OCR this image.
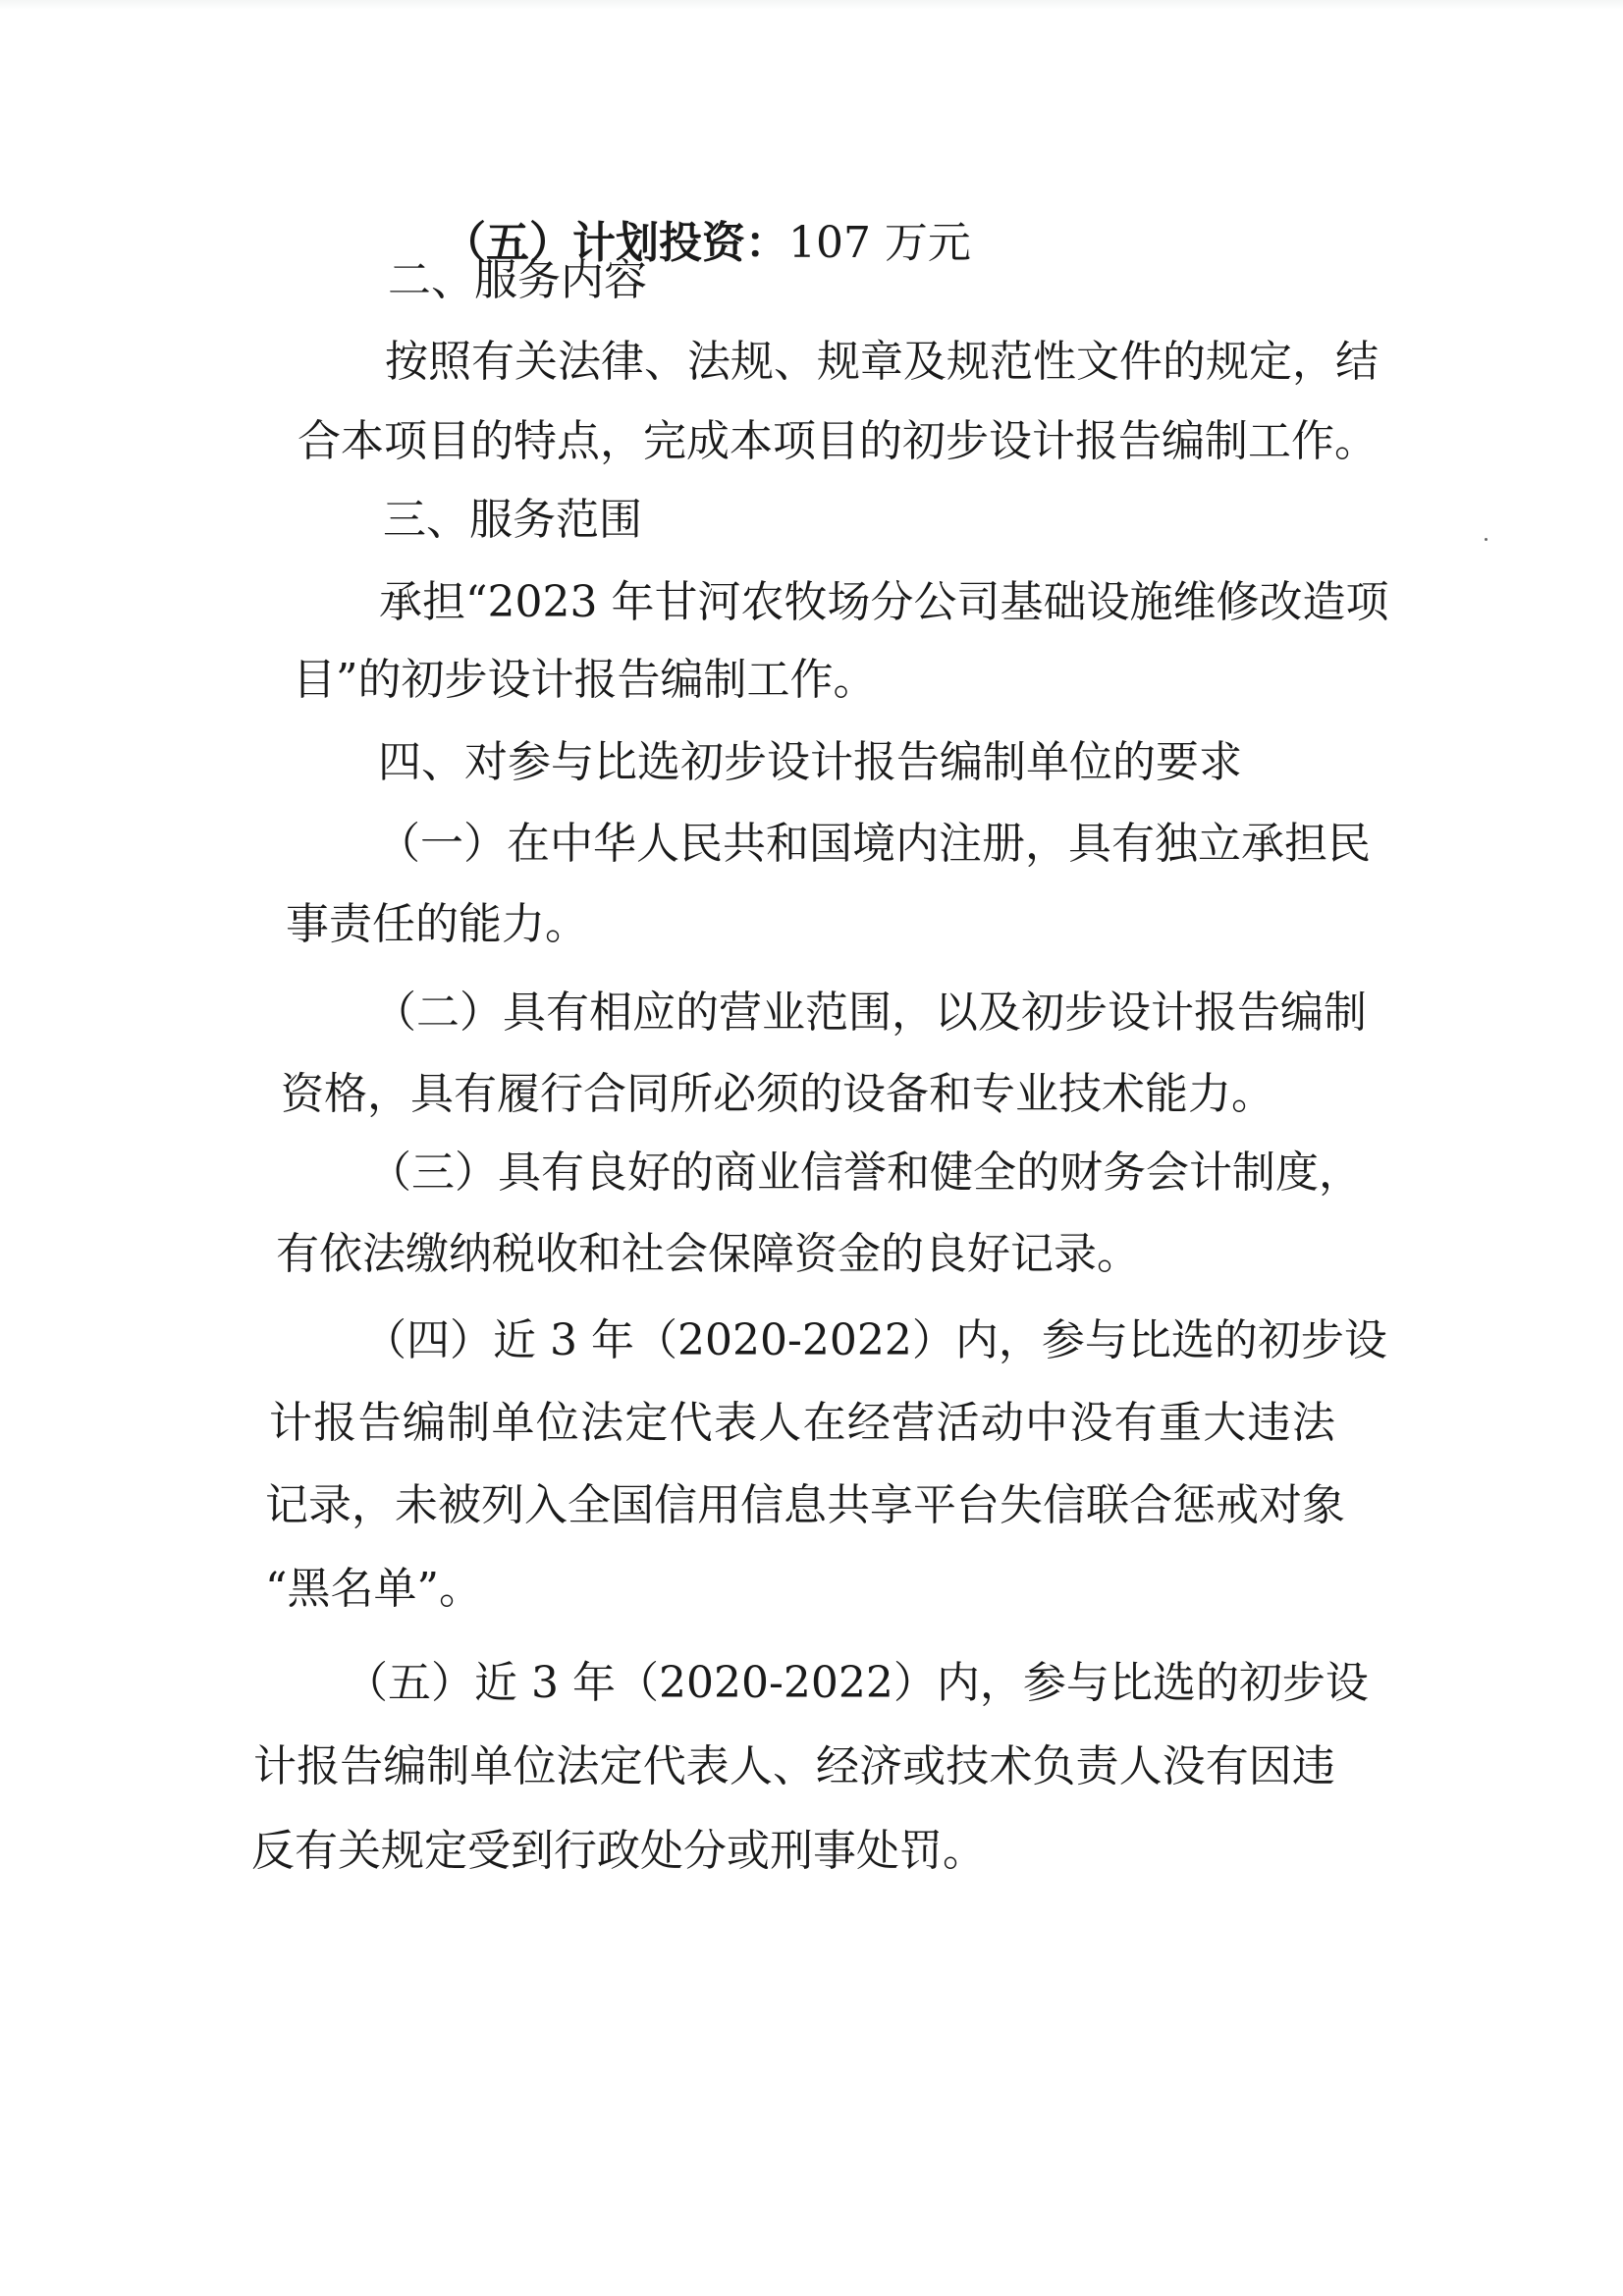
（五）计划投资：107 万元

二、服务内容

按 照 有 关 法 律 、 法 规 、 规 章 及 规 范 性 文 件 的 规 定 ， 结

合 本 项 目 的 特 点 ， 完 成 本 项 目 的 初 步 设 计 报 告 编 制 工 作 。

三、服务范围

承 担 “ 2 0 2 3
年 甘 河 农 牧 场 分 公 司 基 础 设 施 维 修 改 造 项

目”的初步设计报告编制工作。

四、对参与比选初步设计报告编制单位的要求

（ 一 ） 在 中 华 人 民 共 和 国 境 内 注 册 ， 具 有 独 立 承 担 民

事责任的能力。

（ 二 ） 具 有 相 应 的 营 业 范 围 ， 以 及 初 步 设 计 报 告 编 制

资 格 ， 具 有 履 行 合 同 所 必 须 的 设 备 和 专 业 技 术 能 力 。

（ 三 ） 具 有 良 好 的 商 业 信 誉 和 健 全 的 财 务 会 计 制 度 ，

有依法缴纳税收和社会保障资金的良好记录。

（ 四 ） 近
3
年 （ 2 0 2 0 - 2 0 2 2 ） 内 ， 参 与 比 选 的 初 步 设

计 报 告 编 制 单 位 法 定 代 表 人 在 经 营 活 动 中 没 有 重 大 违 法

记 录 ， 未 被 列 入 全 国 信 用 信 息 共 享 平 台 失 信 联 合 惩 戒 对 象

“黑名单”。

（ 五 ） 近
3
年 （ 2 0 2 0 - 2 0 2 2 ） 内 ， 参 与 比 选 的 初 步 设

计 报 告 编 制 单 位 法 定 代 表 人 、 经 济 或 技 术 负 责 人 没 有 因 违

反有关规定受到行政处分或刑事处罚。
